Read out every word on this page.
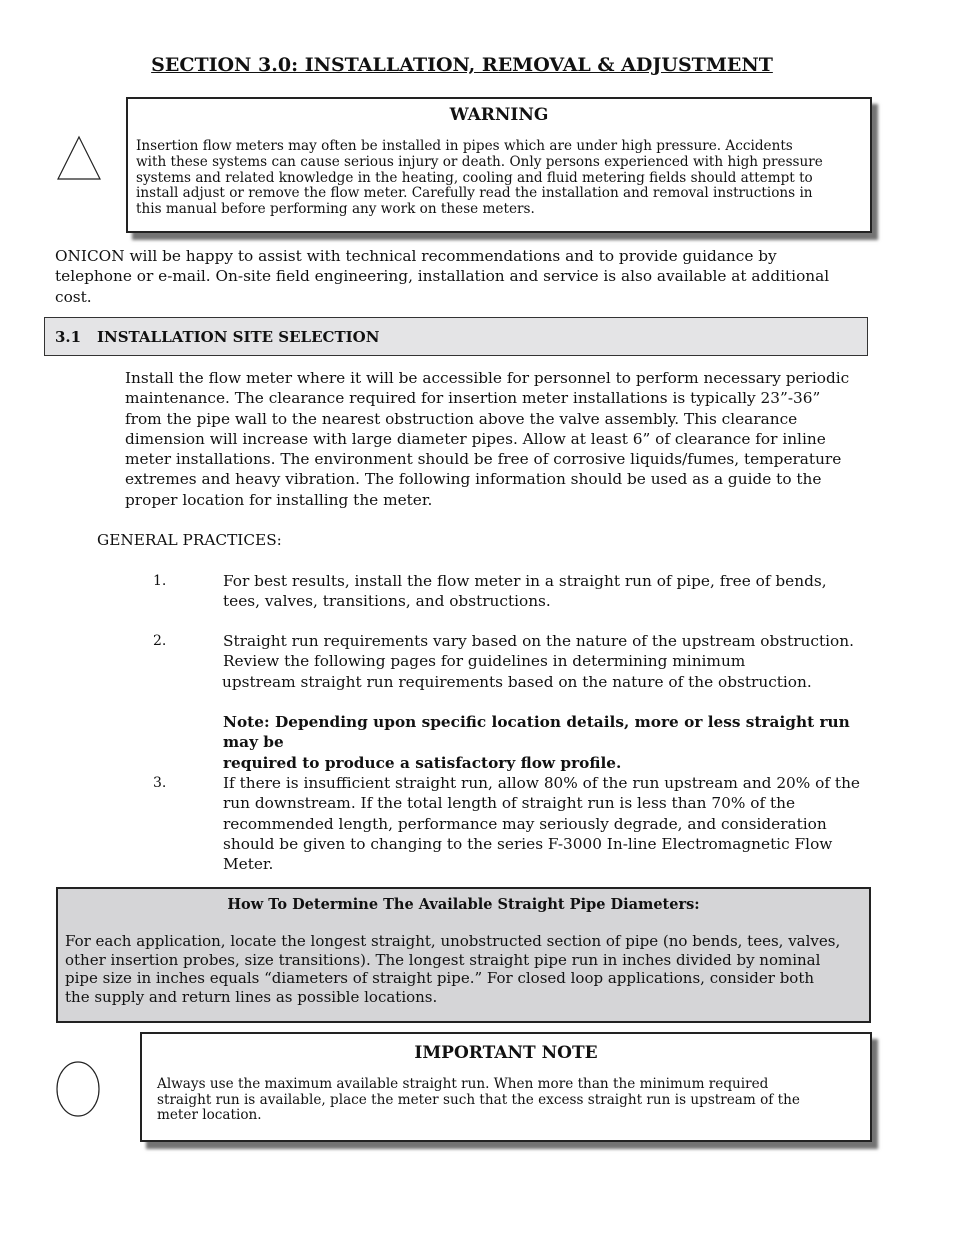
SECTION 3.0: INSTALLATION, REMOVAL & ADJUSTMENT
WARNING
Insertion flow meters may often be installed in pipes which are under high pressure. Accidents
with these systems can cause serious injury or death. Only persons experienced with high pressure
systems and related knowledge in the heating, cooling and fluid metering fields should attempt to
install adjust or remove the flow meter. Carefully read the installation and removal instructions in
this manual before performing any work on these meters.
ONICON will be happy to assist with technical recommendations and to provide guidance by
telephone or e-mail. On-site field engineering, installation and service is also available at additional
cost.
3.1 INSTALLATION SITE SELECTION
Install the flow meter where it will be accessible for personnel to perform necessary periodic
maintenance. The clearance required for insertion meter installations is typically 23”-36”
from the pipe wall to the nearest obstruction above the valve assembly. This clearance
dimension will increase with large diameter pipes. Allow at least 6” of clearance for inline
meter installations. The environment should be free of corrosive liquids/fumes, temperature
extremes and heavy vibration. The following information should be used as a guide to the
proper location for installing the meter.
GENERAL PRACTICES:
1.	For best results, install the flow meter in a straight run of pipe, free of bends,
tees, valves, transitions, and obstructions.
2.	Straight run requirements vary based on the nature of the upstream obstruction.
Review the following pages for guidelines in determining minimum
upstream straight run requirements based on the nature of the obstruction.
Note: Depending upon specific location details, more or less straight run may be
required to produce a satisfactory flow profile.
3.	If there is insufficient straight run, allow 80% of the run upstream and 20% of the
run downstream. If the total length of straight run is less than 70% of the
recommended length, performance may seriously degrade, and consideration
should be given to changing to the series F-3000 In-line Electromagnetic Flow
Meter.
How To Determine The Available Straight Pipe Diameters:
For each application, locate the longest straight, unobstructed section of pipe (no bends, tees, valves,
other insertion probes, size transitions). The longest straight pipe run in inches divided by nominal
pipe size in inches equals “diameters of straight pipe.” For closed loop applications, consider both
the supply and return lines as possible locations.
IMPORTANT NOTE
Always use the maximum available straight run. When more than the minimum required
straight run is available, place the meter such that the excess straight run is upstream of the
meter location.
